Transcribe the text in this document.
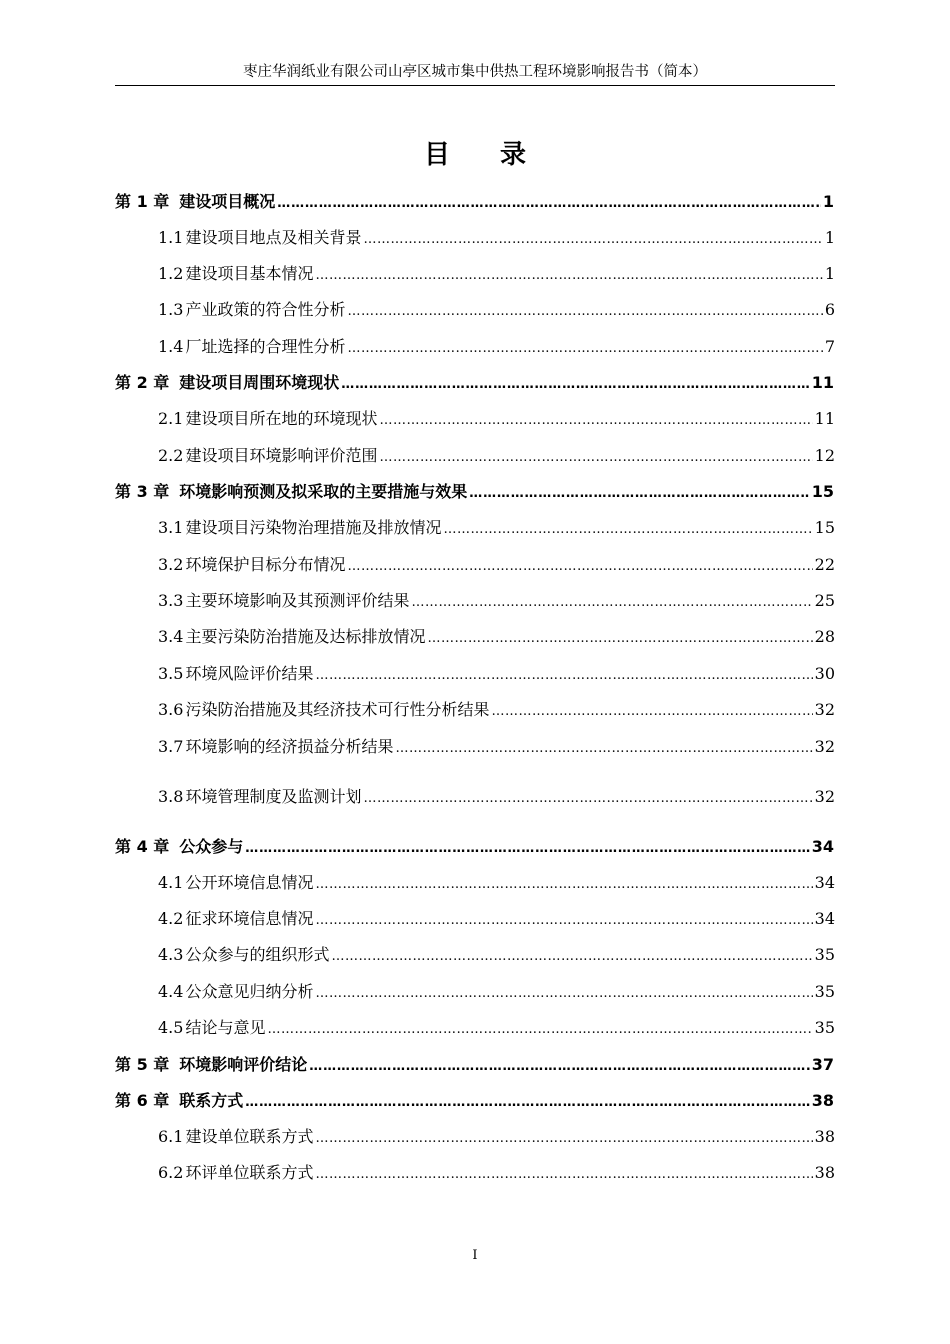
枣庄华润纸业有限公司山亭区城市集中供热工程环境影响报告书（简本）
目录
第 1 章 建设项目概况 …………………………………………………………………………………………………………………………………………………………………………………………………………	1
1.1 建设项目地点及相关背景 …………………………………………………………………………………………………………………………………………………………………………………………………………	1
1.2 建设项目基本情况 …………………………………………………………………………………………………………………………………………………………………………………………………………	1
1.3 产业政策的符合性分析 …………………………………………………………………………………………………………………………………………………………………………………………………………	6
1.4 厂址选择的合理性分析 …………………………………………………………………………………………………………………………………………………………………………………………………………	7
第 2 章 建设项目周围环境现状 …………………………………………………………………………………………………………………………………………………………………………………………………………	11
2.1 建设项目所在地的环境现状 …………………………………………………………………………………………………………………………………………………………………………………………………………	11
2.2 建设项目环境影响评价范围 …………………………………………………………………………………………………………………………………………………………………………………………………………	12
第 3 章 环境影响预测及拟采取的主要措施与效果 …………………………………………………………………………………………………………………………………………………………………………………………………………	15
3.1 建设项目污染物治理措施及排放情况 …………………………………………………………………………………………………………………………………………………………………………………………………………	15
3.2 环境保护目标分布情况 …………………………………………………………………………………………………………………………………………………………………………………………………………	22
3.3 主要环境影响及其预测评价结果 …………………………………………………………………………………………………………………………………………………………………………………………………………	25
3.4 主要污染防治措施及达标排放情况 …………………………………………………………………………………………………………………………………………………………………………………………………………	28
3.5 环境风险评价结果 …………………………………………………………………………………………………………………………………………………………………………………………………………	30
3.6 污染防治措施及其经济技术可行性分析结果 …………………………………………………………………………………………………………………………………………………………………………………………………………	32
3.7 环境影响的经济损益分析结果 …………………………………………………………………………………………………………………………………………………………………………………………………………	32
3.8 环境管理制度及监测计划 …………………………………………………………………………………………………………………………………………………………………………………………………………	32
第 4 章 公众参与 …………………………………………………………………………………………………………………………………………………………………………………………………………	34
4.1 公开环境信息情况 …………………………………………………………………………………………………………………………………………………………………………………………………………	34
4.2 征求环境信息情况 …………………………………………………………………………………………………………………………………………………………………………………………………………	34
4.3 公众参与的组织形式 …………………………………………………………………………………………………………………………………………………………………………………………………………	35
4.4 公众意见归纳分析 …………………………………………………………………………………………………………………………………………………………………………………………………………	35
4.5 结论与意见 …………………………………………………………………………………………………………………………………………………………………………………………………………	35
第 5 章 环境影响评价结论 …………………………………………………………………………………………………………………………………………………………………………………………………………	37
第 6 章 联系方式 …………………………………………………………………………………………………………………………………………………………………………………………………………	38
6.1 建设单位联系方式 …………………………………………………………………………………………………………………………………………………………………………………………………………	38
6.2 环评单位联系方式 …………………………………………………………………………………………………………………………………………………………………………………………………………	38
I
